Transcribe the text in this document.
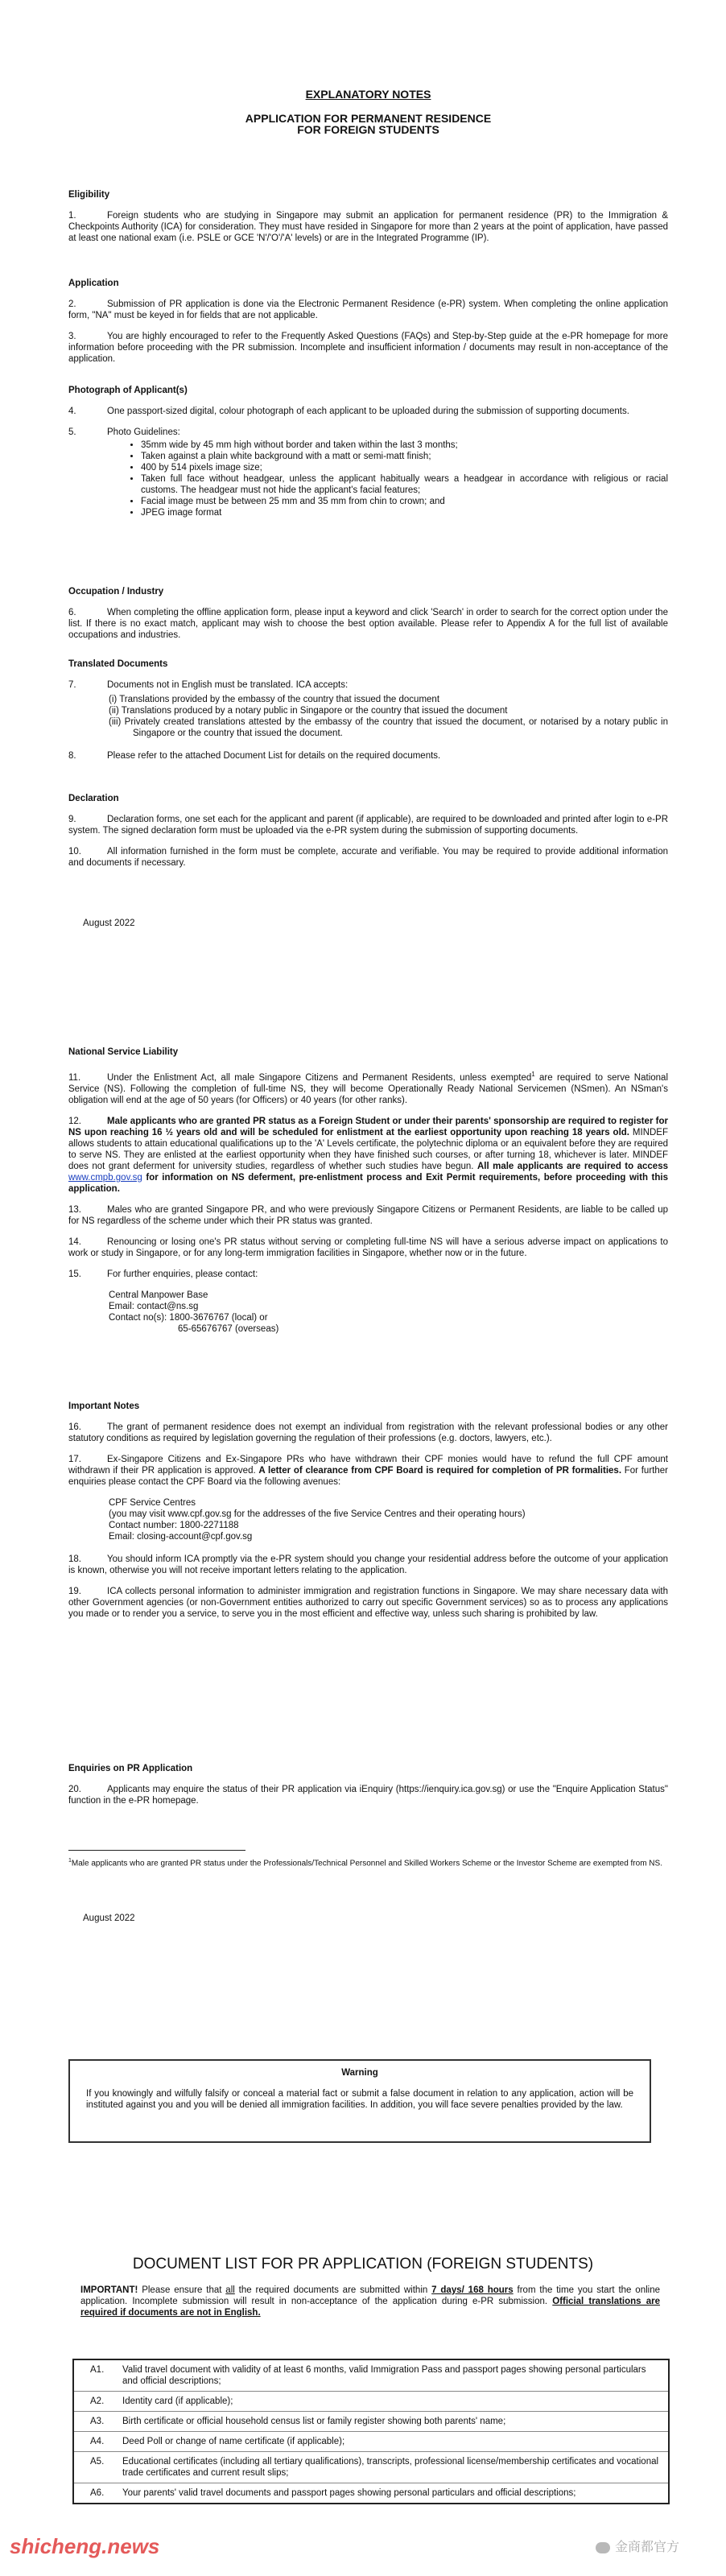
EXPLANATORY NOTES

APPLICATION FOR PERMANENT RESIDENCE

FOR FOREIGN STUDENTS

Eligibility

1.	Foreign students who are studying in Singapore may submit an application for permanent residence (PR) to the Immigration & Checkpoints Authority (ICA) for consideration. They must have resided in Singapore for more than 2 years at the point of application, have passed at least one national exam (i.e. PSLE or GCE 'N'/'O'/'A' levels) or are in the Integrated Programme (IP).

Application

2.	Submission of PR application is done via the Electronic Permanent Residence (e-PR) system. When completing the online application form, "NA" must be keyed in for fields that are not applicable.

3.	You are highly encouraged to refer to the Frequently Asked Questions (FAQs) and Step-by-Step guide at the e-PR homepage for more information before proceeding with the PR submission. Incomplete and insufficient information / documents may result in non-acceptance of the application.

Photograph of Applicant(s)

4.	One passport-sized digital, colour photograph of each applicant to be uploaded during the submission of supporting documents.

5.	Photo Guidelines:

• 35mm wide by 45 mm high without border and taken within the last 3 months;
• Taken against a plain white background with a matt or semi-matt finish;
• 400 by 514 pixels image size;
• Taken full face without headgear, unless the applicant habitually wears a headgear in accordance with religious or racial customs. The headgear must not hide the applicant's facial features;
• Facial image must be between 25 mm and 35 mm from chin to crown; and
• JPEG image format

Occupation / Industry

6.	When completing the offline application form, please input a keyword and click 'Search' in order to search for the correct option under the list. If there is no exact match, applicant may wish to choose the best option available. Please refer to Appendix A for the full list of available occupations and industries.

Translated Documents

7.	Documents not in English must be translated. ICA accepts:

(i) Translations provided by the embassy of the country that issued the document
(ii) Translations produced by a notary public in Singapore or the country that issued the document
(iii) Privately created translations attested by the embassy of the country that issued the document, or notarised by a notary public in Singapore or the country that issued the document.

8.	Please refer to the attached Document List for details on the required documents.

Declaration

9.	Declaration forms, one set each for the applicant and parent (if applicable), are required to be downloaded and printed after login to e-PR system. The signed declaration form must be uploaded via the e-PR system during the submission of supporting documents.

10.	All information furnished in the form must be complete, accurate and verifiable. You may be required to provide additional information and documents if necessary.

August 2022

National Service Liability

11.	Under the Enlistment Act, all male Singapore Citizens and Permanent Residents, unless exempted$^1$ are required to serve National Service (NS). Following the completion of full-time NS, they will become Operationally Ready National Servicemen (NSmen). An NSman's obligation will end at the age of 50 years (for Officers) or 40 years (for other ranks).

12.	Male applicants who are granted PR status as a Foreign Student or under their parents' sponsorship are required to register for NS upon reaching 16 ½ years old and will be scheduled for enlistment at the earliest opportunity upon reaching 18 years old. MINDEF allows students to attain educational qualifications up to the 'A' Levels certificate, the polytechnic diploma or an equivalent before they are required to serve NS. They are enlisted at the earliest opportunity when they have finished such courses, or after turning 18, whichever is later. MINDEF does not grant deferment for university studies, regardless of whether such studies have begun. All male applicants are required to access www.cmpb.gov.sg for information on NS deferment, pre-enlistment process and Exit Permit requirements, before proceeding with this application.

13.	Males who are granted Singapore PR, and who were previously Singapore Citizens or Permanent Residents, are liable to be called up for NS regardless of the scheme under which their PR status was granted.

14.	Renouncing or losing one's PR status without serving or completing full-time NS will have a serious adverse impact on applications to work or study in Singapore, or for any long-term immigration facilities in Singapore, whether now or in the future.

15.	For further enquiries, please contact:

Central Manpower Base
Email: contact@ns.sg
Contact no(s): 1800-3676767 (local) or
65-65676767 (overseas)

Important Notes

16.	The grant of permanent residence does not exempt an individual from registration with the relevant professional bodies or any other statutory conditions as required by legislation governing the regulation of their professions (e.g. doctors, lawyers, etc.).

17.	Ex-Singapore Citizens and Ex-Singapore PRs who have withdrawn their CPF monies would have to refund the full CPF amount withdrawn if their PR application is approved. A letter of clearance from CPF Board is required for completion of PR formalities. For further enquiries please contact the CPF Board via the following avenues:

CPF Service Centres
(you may visit www.cpf.gov.sg for the addresses of the five Service Centres and their operating hours)
Contact number: 1800-2271188
Email: closing-account@cpf.gov.sg

18.	You should inform ICA promptly via the e-PR system should you change your residential address before the outcome of your application is known, otherwise you will not receive important letters relating to the application.

19.	ICA collects personal information to administer immigration and registration functions in Singapore. We may share necessary data with other Government agencies (or non-Government entities authorized to carry out specific Government services) so as to process any applications you made or to render you a service, to serve you in the most efficient and effective way, unless such sharing is prohibited by law.

Enquiries on PR Application

20.	Applicants may enquire the status of their PR application via iEnquiry (https://ienquiry.ica.gov.sg) or use the "Enquire Application Status" function in the e-PR homepage.

$^1$Male applicants who are granted PR status under the Professionals/Technical Personnel and Skilled Workers Scheme or the Investor Scheme are exempted from NS.
August 2022

Warning

If you knowingly and wilfully falsify or conceal a material fact or submit a false document in relation to any application, action will be instituted against you and you will be denied all immigration facilities. In addition, you will face severe penalties provided by the law.

DOCUMENT LIST FOR PR APPLICATION (FOREIGN STUDENTS)
IMPORTANT! Please ensure that all the required documents are submitted within 7 days/ 168 hours from the time you start the online application. Incomplete submission will result in non-acceptance of the application during e-PR submission. Official translations are required if documents are not in English.
A1. Valid travel document with validity of at least 6 months, valid Immigration Pass and passport pages showing personal particulars and official descriptions;
A2. Identity card (if applicable);
A3. Birth certificate or official household census list or family register showing both parents' name;
A4. Deed Poll or change of name certificate (if applicable);
A5. Educational certificates (including all tertiary qualifications), transcripts, professional license/membership certificates and vocational trade certificates and current result slips;
A6. Your parents' valid travel documents and passport pages showing personal particulars and official descriptions;
shicheng.news	金商都官方
